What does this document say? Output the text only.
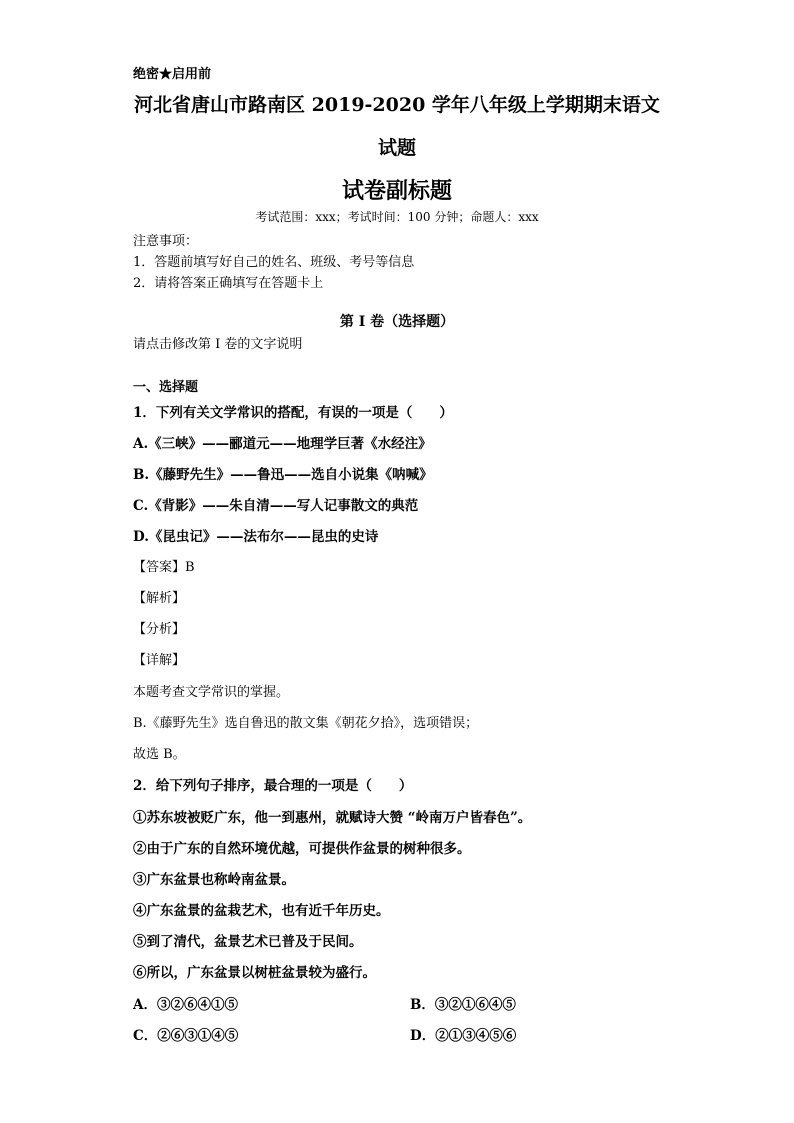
绝密★启用前
河北省唐山市路南区 2019-2020 学年八年级上学期期末语文
试题
试卷副标题
考试范围：xxx；考试时间：100 分钟；命题人：xxx
注意事项：
1．答题前填写好自己的姓名、班级、考号等信息
2．请将答案正确填写在答题卡上
第 I 卷（选择题）
请点击修改第 I 卷的文字说明
一、选择题
1．下列有关文学常识的搭配，有误的一项是（　　）
A.《三峡》——郦道元——地理学巨著《水经注》
B.《藤野先生》——鲁迅——选自小说集《呐喊》
C.《背影》——朱自清——写人记事散文的典范
D.《昆虫记》——法布尔——昆虫的史诗
【答案】B
【解析】
【分析】
【详解】
本题考查文学常识的掌握。
B.《藤野先生》选自鲁迅的散文集《朝花夕拾》，选项错误；
故选 B。
2．给下列句子排序，最合理的一项是（　　）
①苏东坡被贬广东，他一到惠州，就赋诗大赞 “岭南万户皆春色”。
②由于广东的自然环境优越，可提供作盆景的树种很多。
③广东盆景也称岭南盆景。
④广东盆景的盆栽艺术，也有近千年历史。
⑤到了清代，盆景艺术已普及于民间。
⑥所以，广东盆景以树桩盆景较为盛行。
A．③②⑥④①⑤	B．③②①⑥④⑤
C．②⑥③①④⑤	D．②①③④⑤⑥
